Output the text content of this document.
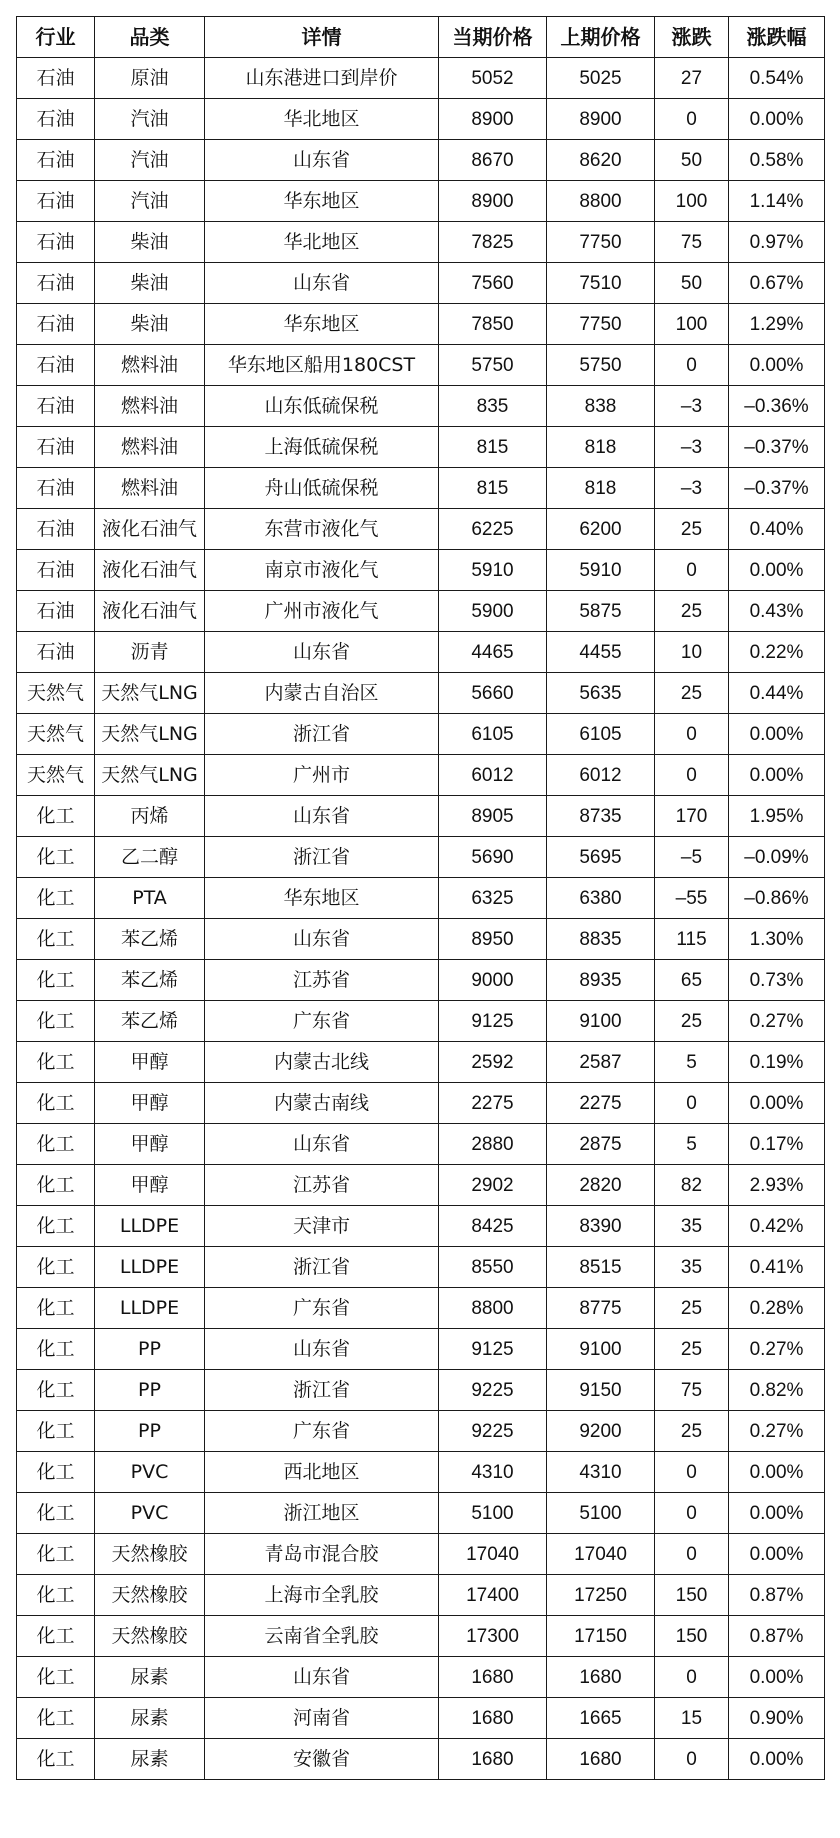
行业	品类	详情	当期价格	上期价格	涨跌	涨跌幅
石油	原油	山东港进口到岸价	5052	5025	27	0.54%
石油	汽油	华北地区	8900	8900	0	0.00%
石油	汽油	山东省	8670	8620	50	0.58%
石油	汽油	华东地区	8900	8800	100	1.14%
石油	柴油	华北地区	7825	7750	75	0.97%
石油	柴油	山东省	7560	7510	50	0.67%
石油	柴油	华东地区	7850	7750	100	1.29%
石油	燃料油	华东地区船用180CST	5750	5750	0	0.00%
石油	燃料油	山东低硫保税	835	838	–3	–0.36%
石油	燃料油	上海低硫保税	815	818	–3	–0.37%
石油	燃料油	舟山低硫保税	815	818	–3	–0.37%
石油	液化石油气	东营市液化气	6225	6200	25	0.40%
石油	液化石油气	南京市液化气	5910	5910	0	0.00%
石油	液化石油气	广州市液化气	5900	5875	25	0.43%
石油	沥青	山东省	4465	4455	10	0.22%
天然气	天然气LNG	内蒙古自治区	5660	5635	25	0.44%
天然气	天然气LNG	浙江省	6105	6105	0	0.00%
天然气	天然气LNG	广州市	6012	6012	0	0.00%
化工	丙烯	山东省	8905	8735	170	1.95%
化工	乙二醇	浙江省	5690	5695	–5	–0.09%
化工	PTA	华东地区	6325	6380	–55	–0.86%
化工	苯乙烯	山东省	8950	8835	115	1.30%
化工	苯乙烯	江苏省	9000	8935	65	0.73%
化工	苯乙烯	广东省	9125	9100	25	0.27%
化工	甲醇	内蒙古北线	2592	2587	5	0.19%
化工	甲醇	内蒙古南线	2275	2275	0	0.00%
化工	甲醇	山东省	2880	2875	5	0.17%
化工	甲醇	江苏省	2902	2820	82	2.93%
化工	LLDPE	天津市	8425	8390	35	0.42%
化工	LLDPE	浙江省	8550	8515	35	0.41%
化工	LLDPE	广东省	8800	8775	25	0.28%
化工	PP	山东省	9125	9100	25	0.27%
化工	PP	浙江省	9225	9150	75	0.82%
化工	PP	广东省	9225	9200	25	0.27%
化工	PVC	西北地区	4310	4310	0	0.00%
化工	PVC	浙江地区	5100	5100	0	0.00%
化工	天然橡胶	青岛市混合胶	17040	17040	0	0.00%
化工	天然橡胶	上海市全乳胶	17400	17250	150	0.87%
化工	天然橡胶	云南省全乳胶	17300	17150	150	0.87%
化工	尿素	山东省	1680	1680	0	0.00%
化工	尿素	河南省	1680	1665	15	0.90%
化工	尿素	安徽省	1680	1680	0	0.00%
